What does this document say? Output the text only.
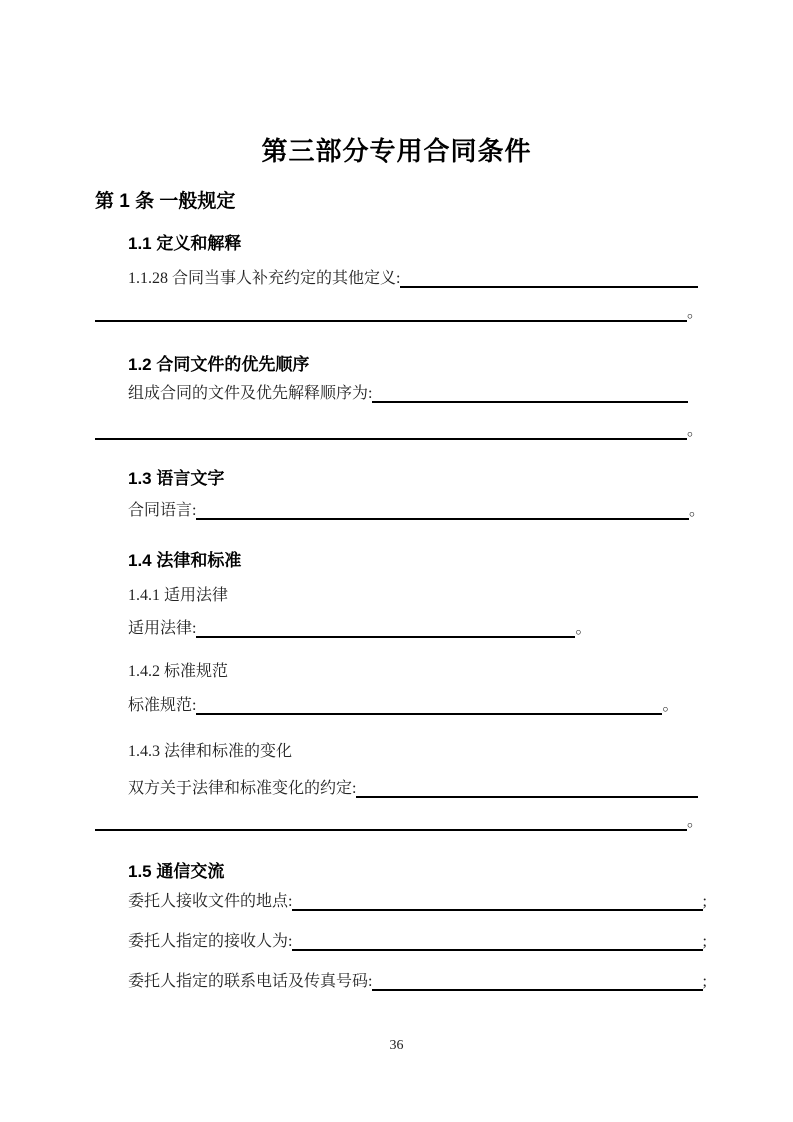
第三部分专用合同条件
第 1 条 一般规定
1.1 定义和解释
1.1.28 合同当事人补充约定的其他定义:
。
1.2 合同文件的优先顺序
组成合同的文件及优先解释顺序为:
。
1.3 语言文字
合同语言:	。
1.4 法律和标准
1.4.1 适用法律
适用法律:	。
1.4.2 标准规范
标准规范:	。
1.4.3 法律和标准的变化
双方关于法律和标准变化的约定:
。
1.5 通信交流
委托人接收文件的地点:	;
委托人指定的接收人为:	;
委托人指定的联系电话及传真号码:	;
36
